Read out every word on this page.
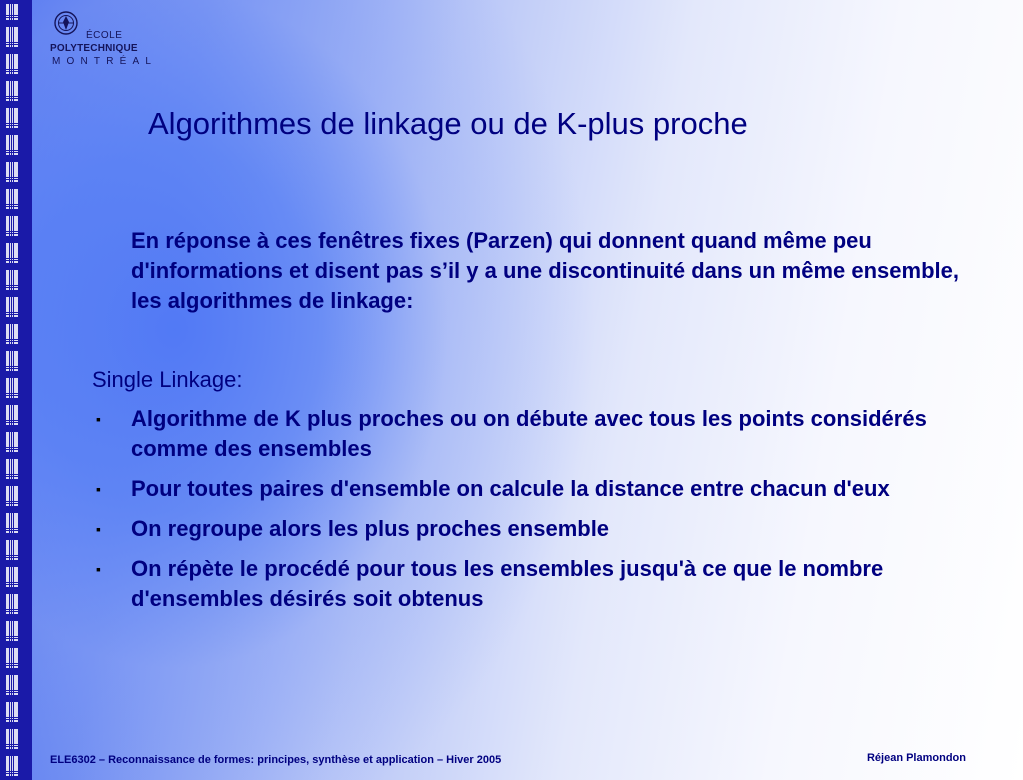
ÉCOLE
POLYTECHNIQUE
MONTRÉAL
Algorithmes de linkage ou de K-plus proche
En réponse à ces fenêtres fixes (Parzen) qui donnent quand même peu d'informations et disent pas s’il y a une discontinuité dans un même ensemble, les algorithmes de linkage:
Single Linkage:
▪	Algorithme de K plus proches ou on débute avec tous les points considérés comme des ensembles
▪	Pour toutes paires d'ensemble on calcule la distance entre chacun d'eux
▪	On regroupe alors les plus proches ensemble
▪	On répète le procédé pour tous les ensembles jusqu'à ce que le nombre d'ensembles désirés soit obtenus
ELE6302 – Reconnaissance de formes: principes, synthèse et application – Hiver 2005	Réjean Plamondon
